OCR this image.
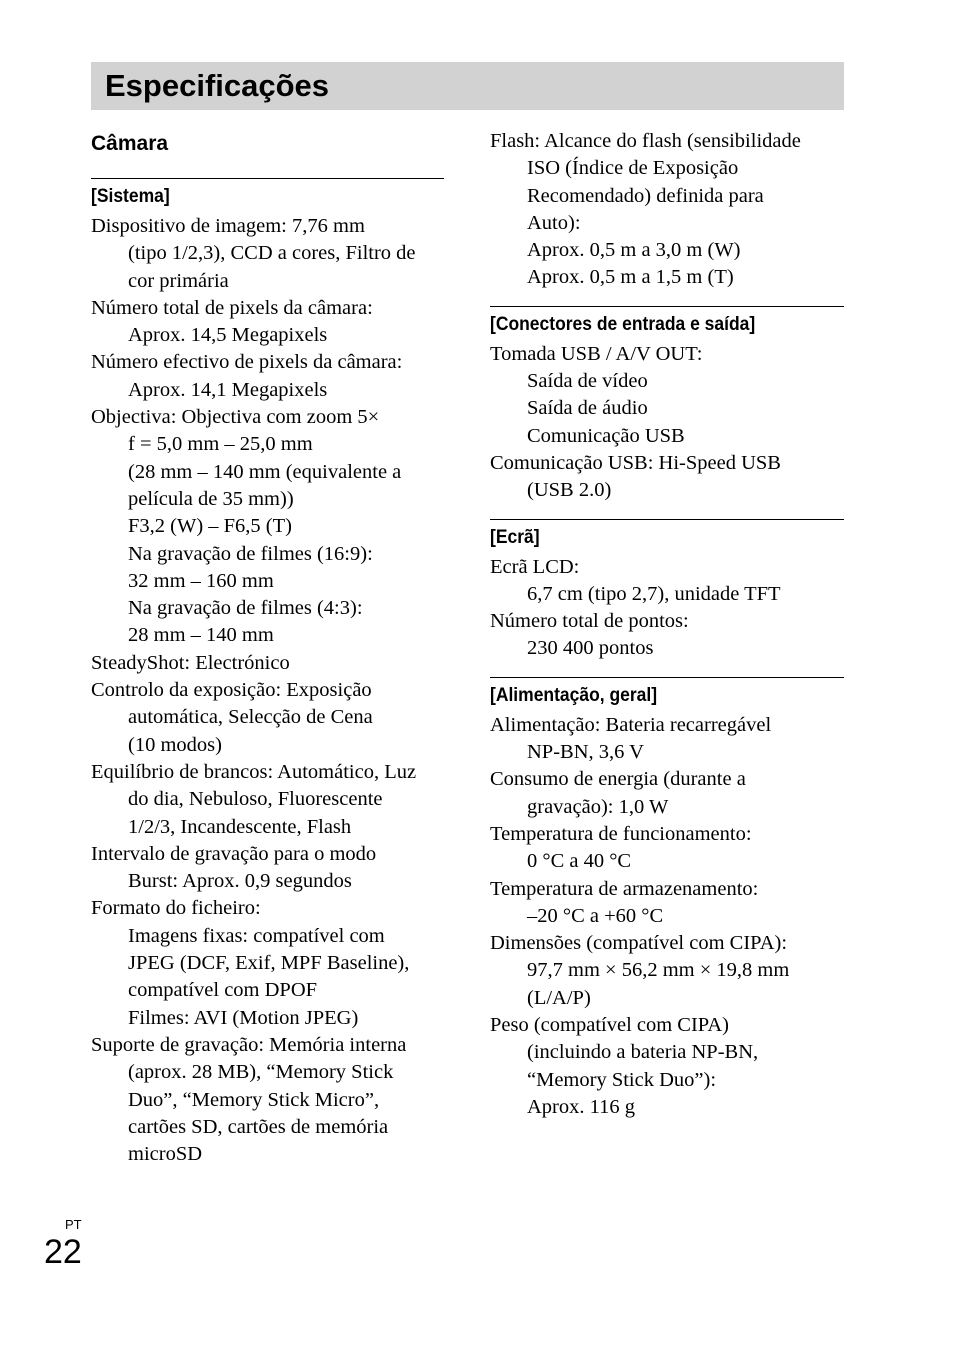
Especificações
Câmara
[Sistema]
Dispositivo de imagem: 7,76 mm
(tipo 1/2,3), CCD a cores, Filtro de
cor primária
Número total de pixels da câmara:
Aprox. 14,5 Megapixels
Número efectivo de pixels da câmara:
Aprox. 14,1 Megapixels
Objectiva: Objectiva com zoom 5×
f = 5,0 mm – 25,0 mm
(28 mm – 140 mm (equivalente a
película de 35 mm))
F3,2 (W) – F6,5 (T)
Na gravação de filmes (16:9):
32 mm – 160 mm
Na gravação de filmes (4:3):
28 mm – 140 mm
SteadyShot: Electrónico
Controlo da exposição: Exposição
automática, Selecção de Cena
(10 modos)
Equilíbrio de brancos: Automático, Luz
do dia, Nebuloso, Fluorescente
1/2/3, Incandescente, Flash
Intervalo de gravação para o modo
Burst: Aprox. 0,9 segundos
Formato do ficheiro:
Imagens fixas: compatível com
JPEG (DCF, Exif, MPF Baseline),
compatível com DPOF
Filmes: AVI (Motion JPEG)
Suporte de gravação: Memória interna
(aprox. 28 MB), “Memory Stick
Duo”, “Memory Stick Micro”,
cartões SD, cartões de memória
microSD
Flash: Alcance do flash (sensibilidade
ISO (Índice de Exposição
Recomendado) definida para
Auto):
Aprox. 0,5 m a 3,0 m (W)
Aprox. 0,5 m a 1,5 m (T)
[Conectores de entrada e saída]
Tomada USB / A/V OUT:
Saída de vídeo
Saída de áudio
Comunicação USB
Comunicação USB: Hi-Speed USB
(USB 2.0)
[Ecrã]
Ecrã LCD:
6,7 cm (tipo 2,7), unidade TFT
Número total de pontos:
230 400 pontos
[Alimentação, geral]
Alimentação: Bateria recarregável
NP-BN, 3,6 V
Consumo de energia (durante a
gravação): 1,0 W
Temperatura de funcionamento:
0 °C a 40 °C
Temperatura de armazenamento:
–20 °C a +60 °C
Dimensões (compatível com CIPA):
97,7 mm × 56,2 mm × 19,8 mm
(L/A/P)
Peso (compatível com CIPA)
(incluindo a bateria NP-BN,
“Memory Stick Duo”):
Aprox. 116 g
PT
22
